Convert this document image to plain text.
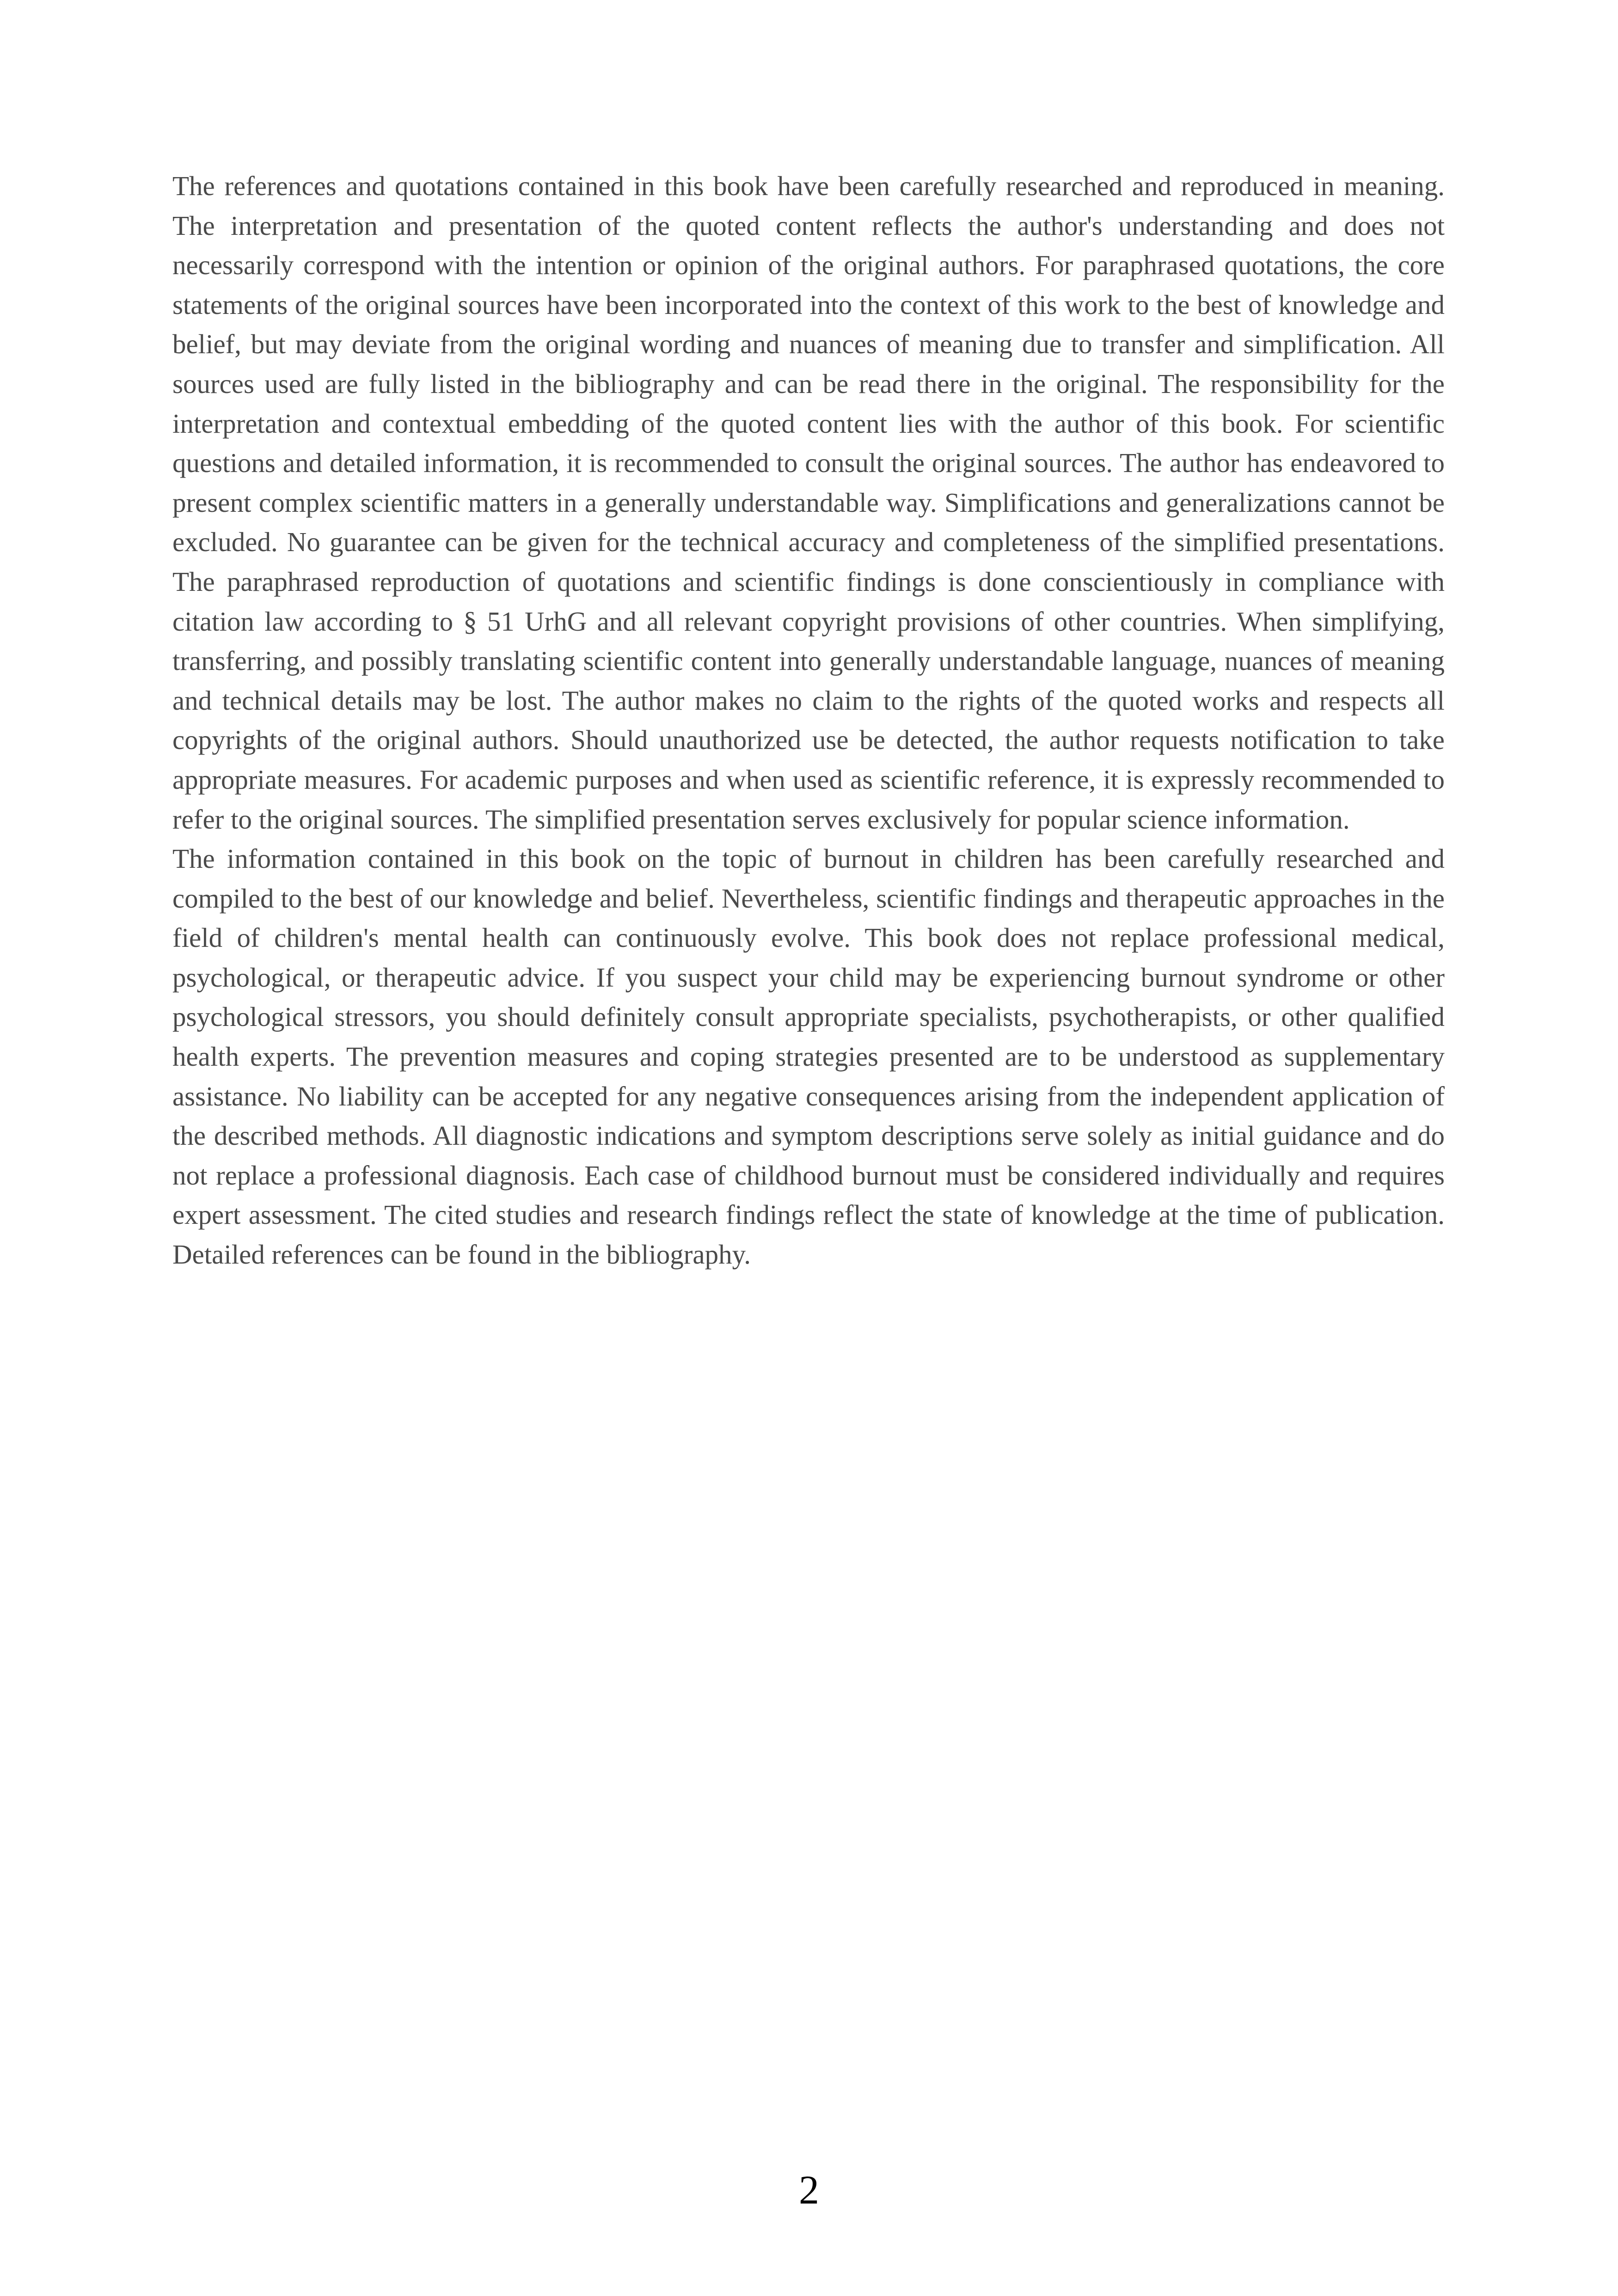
The references and quotations contained in this book have been carefully researched and reproduced in meaning. The interpretation and presentation of the quoted content reflects the author's understanding and does not necessarily correspond with the intention or opinion of the original authors. For paraphrased quotations, the core statements of the original sources have been incorporated into the context of this work to the best of knowledge and belief, but may deviate from the original wording and nuances of meaning due to transfer and simplification. All sources used are fully listed in the bibliography and can be read there in the original. The responsibility for the interpretation and contextual embedding of the quoted content lies with the author of this book. For scientific questions and detailed information, it is recommended to consult the original sources. The author has endeavored to present complex scientific matters in a generally understandable way. Simplifications and generalizations cannot be excluded. No guarantee can be given for the technical accuracy and completeness of the simplified presentations. The paraphrased reproduction of quotations and scientific findings is done conscientiously in compliance with citation law according to § 51 UrhG and all relevant copyright provisions of other countries. When simplifying, transferring, and possibly translating scientific content into generally understandable language, nuances of meaning and technical details may be lost. The author makes no claim to the rights of the quoted works and respects all copyrights of the original authors. Should unauthorized use be detected, the author requests notification to take appropriate measures. For academic purposes and when used as scientific reference, it is expressly recommended to refer to the original sources. The simplified presentation serves exclusively for popular science information.

The information contained in this book on the topic of burnout in children has been carefully researched and compiled to the best of our knowledge and belief. Nevertheless, scientific findings and therapeutic approaches in the field of children's mental health can continuously evolve. This book does not replace professional medical, psychological, or therapeutic advice. If you suspect your child may be experiencing burnout syndrome or other psychological stressors, you should definitely consult appropriate specialists, psychotherapists, or other qualified health experts. The prevention measures and coping strategies presented are to be understood as supplementary assistance. No liability can be accepted for any negative consequences arising from the independent application of the described methods. All diagnostic indications and symptom descriptions serve solely as initial guidance and do not replace a professional diagnosis. Each case of childhood burnout must be considered individually and requires expert assessment. The cited studies and research findings reflect the state of knowledge at the time of publication. Detailed references can be found in the bibliography.

2
